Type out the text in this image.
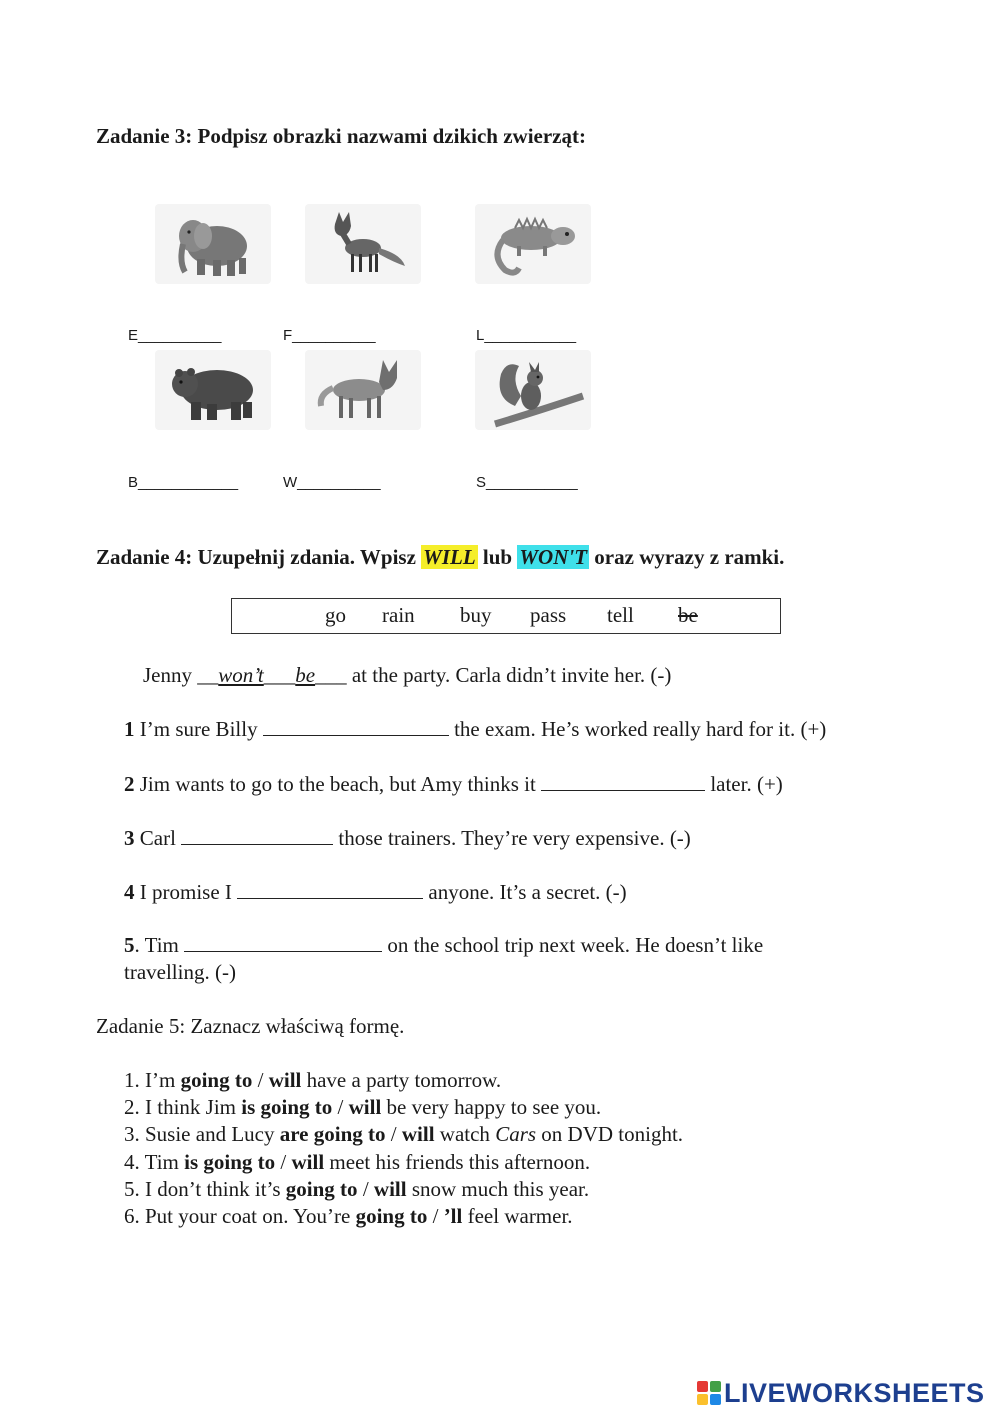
Zadanie 3: Podpisz obrazki nazwami dzikich zwierząt:
E__________	F__________	L___________
B____________	W__________	S___________
Zadanie 4: Uzupełnij zdania. Wpisz WILL lub WON'T oraz wyrazy z ramki.
go rain buy pass tell be
Jenny __won’t___be___ at the party. Carla didn’t invite her. (-)
1 I’m sure Billy	the exam. He’s worked really hard for it. (+)
2 Jim wants to go to the beach, but Amy thinks it	later. (+)
3 Carl	those trainers. They’re very expensive. (-)
4 I promise I	anyone. It’s a secret. (-)
5. Tim	on the school trip next week. He doesn’t like
travelling. (-)
Zadanie 5: Zaznacz właściwą formę.
1. I’m going to / will have a party tomorrow.
2. I think Jim is going to / will be very happy to see you.
3. Susie and Lucy are going to / will watch Cars on DVD tonight.
4. Tim is going to / will meet his friends this afternoon.
5. I don’t think it’s going to / will snow much this year.
6. Put your coat on. You’re going to / ’ll feel warmer.
LIVEWORKSHEETS
